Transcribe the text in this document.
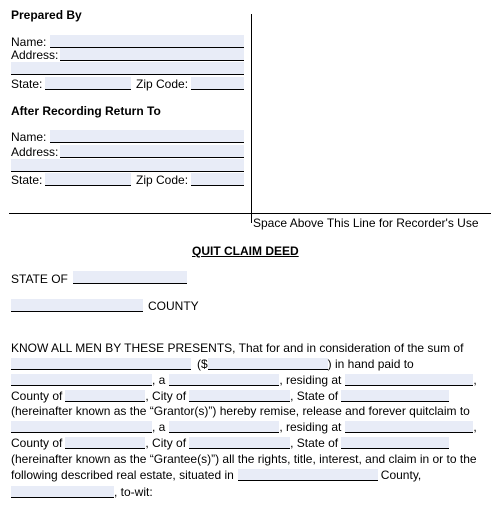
Prepared By
Name:
Address:
State:	Zip Code:
After Recording Return To
Name:
Address:
State:	Zip Code:
Space Above This Line for Recorder's Use
QUIT CLAIM DEED
STATE OF
COUNTY
KNOW ALL MEN BY THESE PRESENTS, That for and in consideration of the sum of
($	) in hand paid to
, a	, residing at	,
County of	, City of	, State of
(hereinafter known as the “Grantor(s)”) hereby remise, release and forever quitclaim to
, a	, residing at	,
County of	, City of	, State of
(hereinafter known as the “Grantee(s)”) all the rights, title, interest, and claim in or to the
following described real estate, situated in	County,
, to-wit:
